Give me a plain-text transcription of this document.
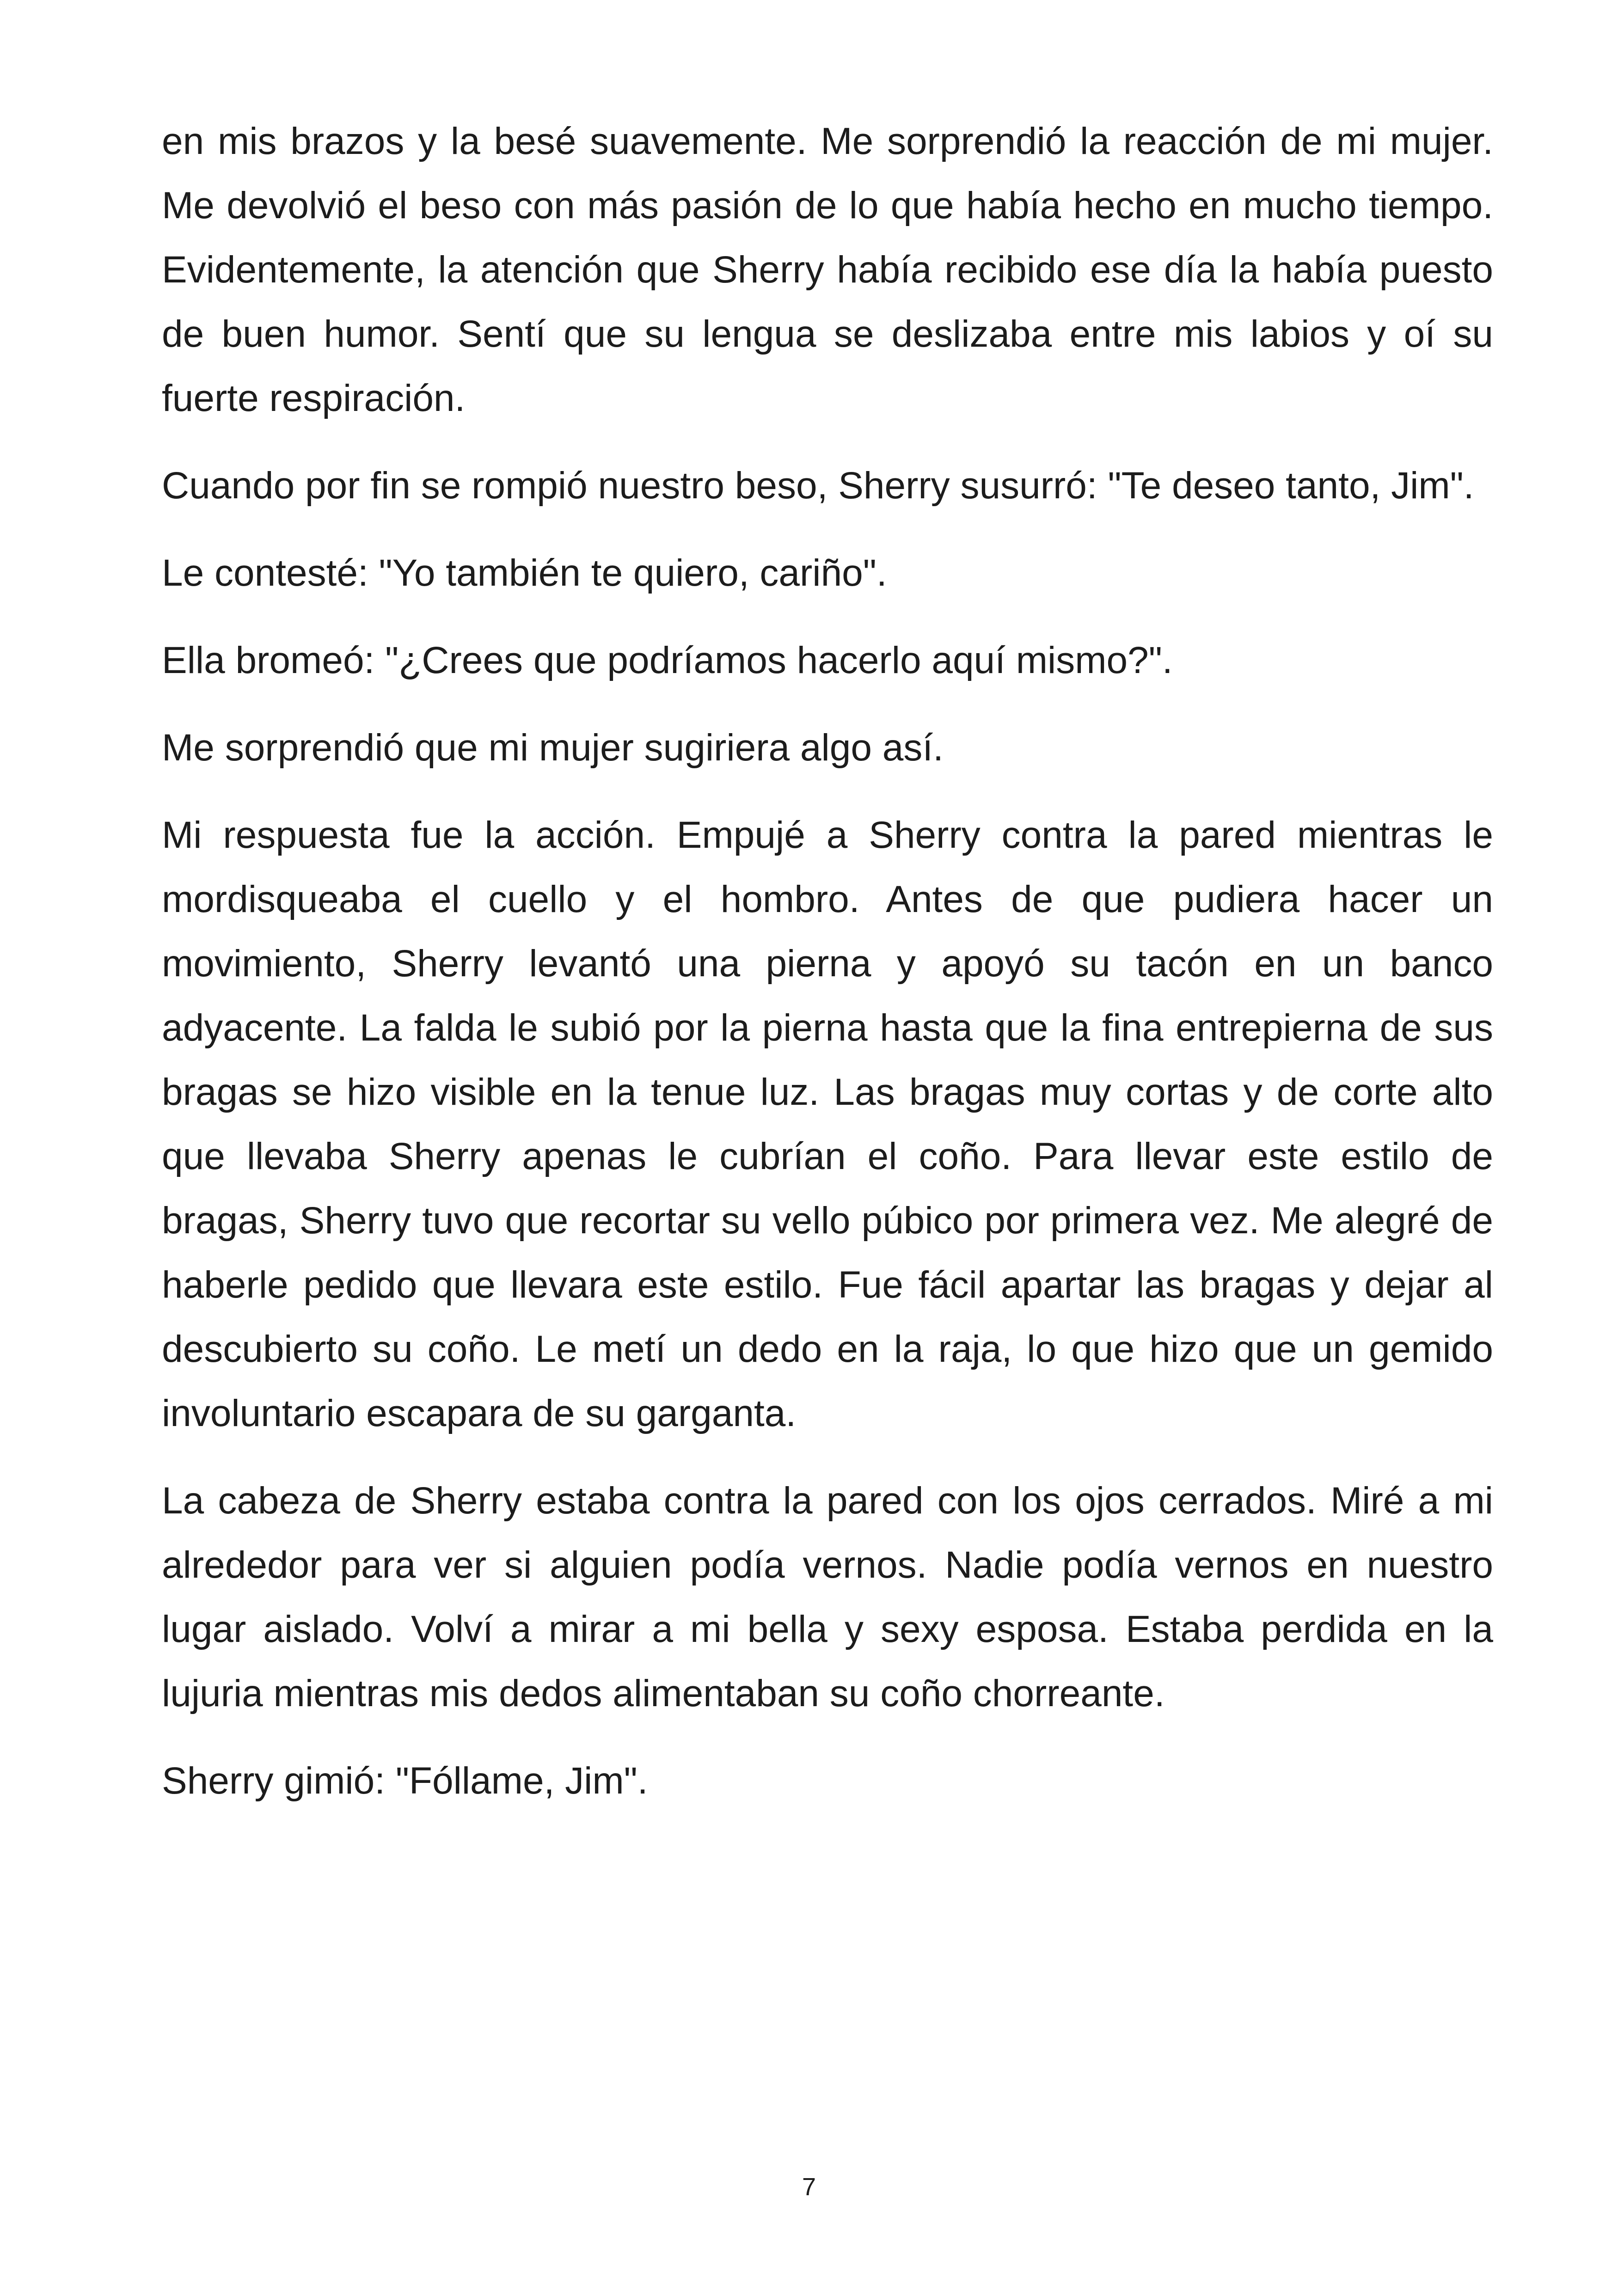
en mis brazos y la besé suavemente. Me sorprendió la reacción de mi mujer. Me devolvió el beso con más pasión de lo que había hecho en mucho tiempo. Evidentemente, la atención que Sherry había recibido ese día la había puesto de buen humor. Sentí que su lengua se deslizaba entre mis labios y oí su fuerte respiración.

Cuando por fin se rompió nuestro beso, Sherry susurró: "Te deseo tanto, Jim".

Le contesté: "Yo también te quiero, cariño".

Ella bromeó: "¿Crees que podríamos hacerlo aquí mismo?".

Me sorprendió que mi mujer sugiriera algo así.

Mi respuesta fue la acción. Empujé a Sherry contra la pared mientras le mordisqueaba el cuello y el hombro. Antes de que pudiera hacer un movimiento, Sherry levantó una pierna y apoyó su tacón en un banco adyacente. La falda le subió por la pierna hasta que la fina entrepierna de sus bragas se hizo visible en la tenue luz. Las bragas muy cortas y de corte alto que llevaba Sherry apenas le cubrían el coño. Para llevar este estilo de bragas, Sherry tuvo que recortar su vello púbico por primera vez. Me alegré de haberle pedido que llevara este estilo. Fue fácil apartar las bragas y dejar al descubierto su coño. Le metí un dedo en la raja, lo que hizo que un gemido involuntario escapara de su garganta.

La cabeza de Sherry estaba contra la pared con los ojos cerrados. Miré a mi alrededor para ver si alguien podía vernos. Nadie podía vernos en nuestro lugar aislado. Volví a mirar a mi bella y sexy esposa. Estaba perdida en la lujuria mientras mis dedos alimentaban su coño chorreante.

Sherry gimió: "Fóllame, Jim".

7
